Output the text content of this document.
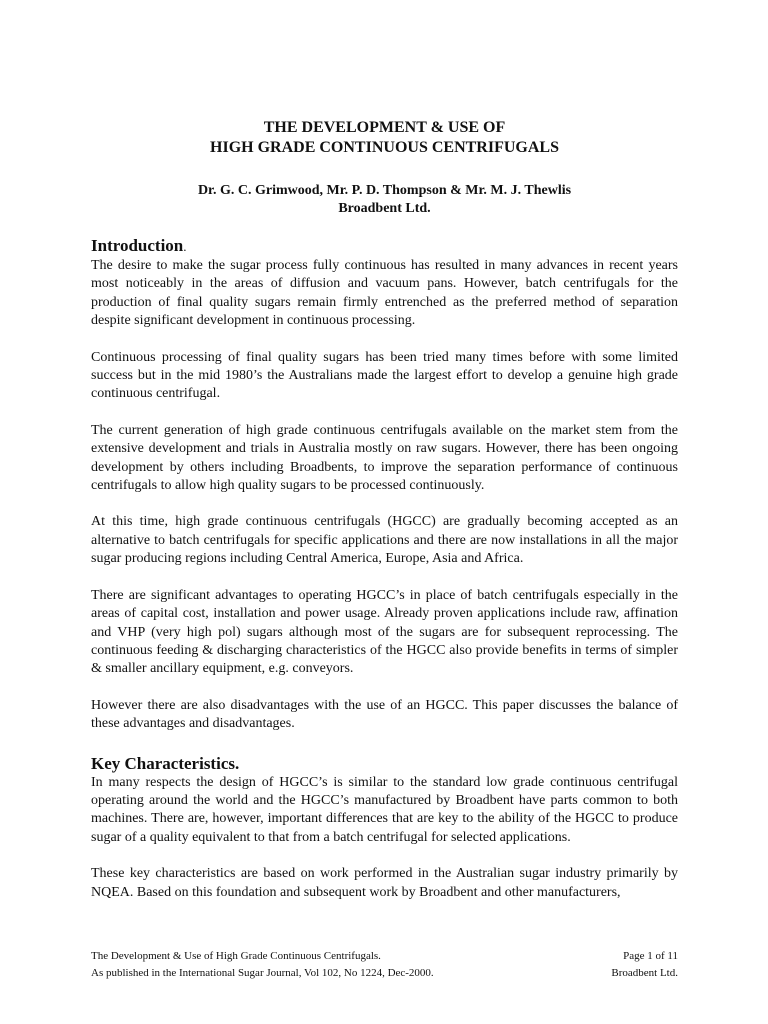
THE DEVELOPMENT & USE OF
HIGH GRADE CONTINUOUS CENTRIFUGALS
Dr. G. C. Grimwood, Mr. P. D. Thompson & Mr. M. J. Thewlis
Broadbent Ltd.
Introduction.

The desire to make the sugar process fully continuous has resulted in many advances in recent years most noticeably in the areas of diffusion and vacuum pans. However, batch centrifugals for the production of final quality sugars remain firmly entrenched as the preferred method of separation despite significant development in continuous processing.

Continuous processing of final quality sugars has been tried many times before with some limited success but in the mid 1980’s the Australians made the largest effort to develop a genuine high grade continuous centrifugal.

The current generation of high grade continuous centrifugals available on the market stem from the extensive development and trials in Australia mostly on raw sugars. However, there has been ongoing development by others including Broadbents, to improve the separation performance of continuous centrifugals to allow high quality sugars to be processed continuously.

At this time, high grade continuous centrifugals (HGCC) are gradually becoming accepted as an alternative to batch centrifugals for specific applications and there are now installations in all the major sugar producing regions including Central America, Europe, Asia and Africa.

There are significant advantages to operating HGCC’s in place of batch centrifugals especially in the areas of capital cost, installation and power usage. Already proven applications include raw, affination and VHP (very high pol) sugars although most of the sugars are for subsequent reprocessing. The continuous feeding & discharging characteristics of the HGCC also provide benefits in terms of simpler & smaller ancillary equipment, e.g. conveyors.

However there are also disadvantages with the use of an HGCC. This paper discusses the balance of these advantages and disadvantages.

Key Characteristics.

In many respects the design of HGCC’s is similar to the standard low grade continuous centrifugal operating around the world and the HGCC’s manufactured by Broadbent have parts common to both machines. There are, however, important differences that are key to the ability of the HGCC to produce sugar of a quality equivalent to that from a batch centrifugal for selected applications.

These key characteristics are based on work performed in the Australian sugar industry primarily by NQEA. Based on this foundation and subsequent work by Broadbent and other manufacturers,

The Development & Use of High Grade Continuous Centrifugals.	Page 1 of 11
As published in the International Sugar Journal, Vol 102, No 1224, Dec-2000.	Broadbent Ltd.
